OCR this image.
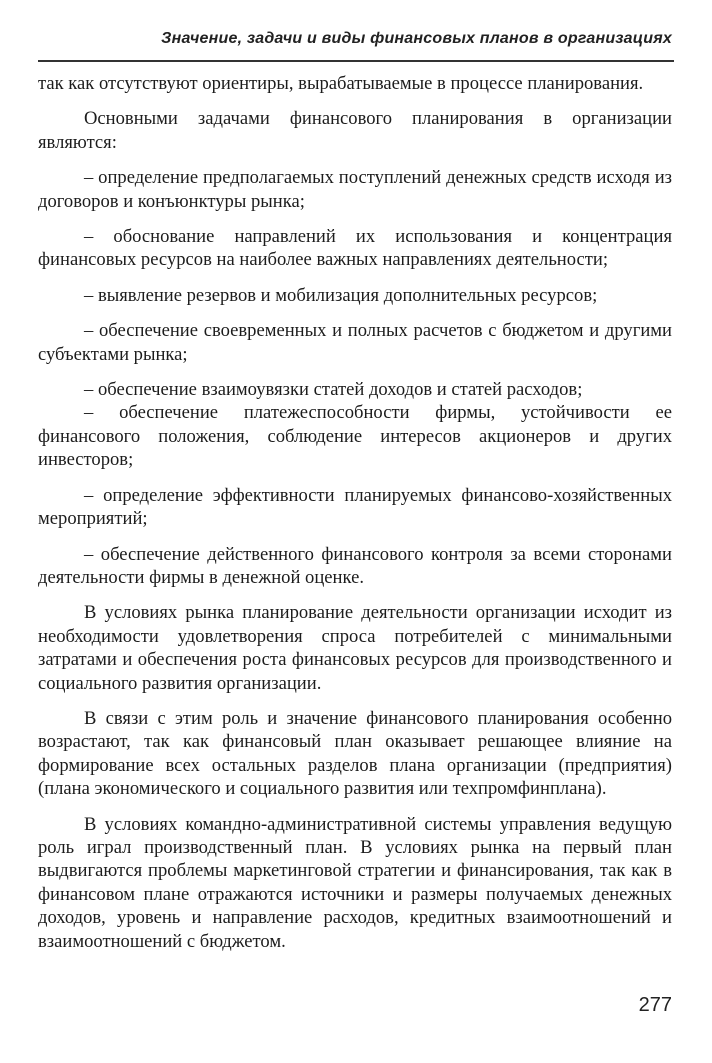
Значение, задачи и виды финансовых планов в организациях

так как отсутствуют ориентиры, вырабатываемые в процессе планирования.

Основными задачами финансового планирования в организации являются:

– определение предполагаемых поступлений денежных средств исходя из договоров и конъюнктуры рынка;

– обоснование направлений их использования и концентрация финансовых ресурсов на наиболее важных направлениях деятельности;

– выявление резервов и мобилизация дополнительных ресурсов;

– обеспечение своевременных и полных расчетов с бюджетом и другими субъектами рынка;

– обеспечение взаимоувязки статей доходов и статей расходов;

– обеспечение платежеспособности фирмы, устойчивости ее финансового положения, соблюдение интересов акционеров и других инвесторов;

– определение эффективности планируемых финансово-хозяйственных мероприятий;

– обеспечение действенного финансового контроля за всеми сторонами деятельности фирмы в денежной оценке.

В условиях рынка планирование деятельности организации исходит из необходимости удовлетворения спроса потребителей с минимальными затратами и обеспечения роста финансовых ресурсов для производственного и социального развития организации.

В связи с этим роль и значение финансового планирования особенно возрастают, так как финансовый план оказывает решающее влияние на формирование всех остальных разделов плана организации (предприятия) (плана экономического и социального развития или техпромфинплана).

В условиях командно-административной системы управления ведущую роль играл производственный план. В условиях рынка на первый план выдвигаются проблемы маркетинговой стратегии и финансирования, так как в финансовом плане отражаются источники и размеры получаемых денежных доходов, уровень и направление расходов, кредитных взаимоотношений и взаимоотношений с бюджетом.

277
